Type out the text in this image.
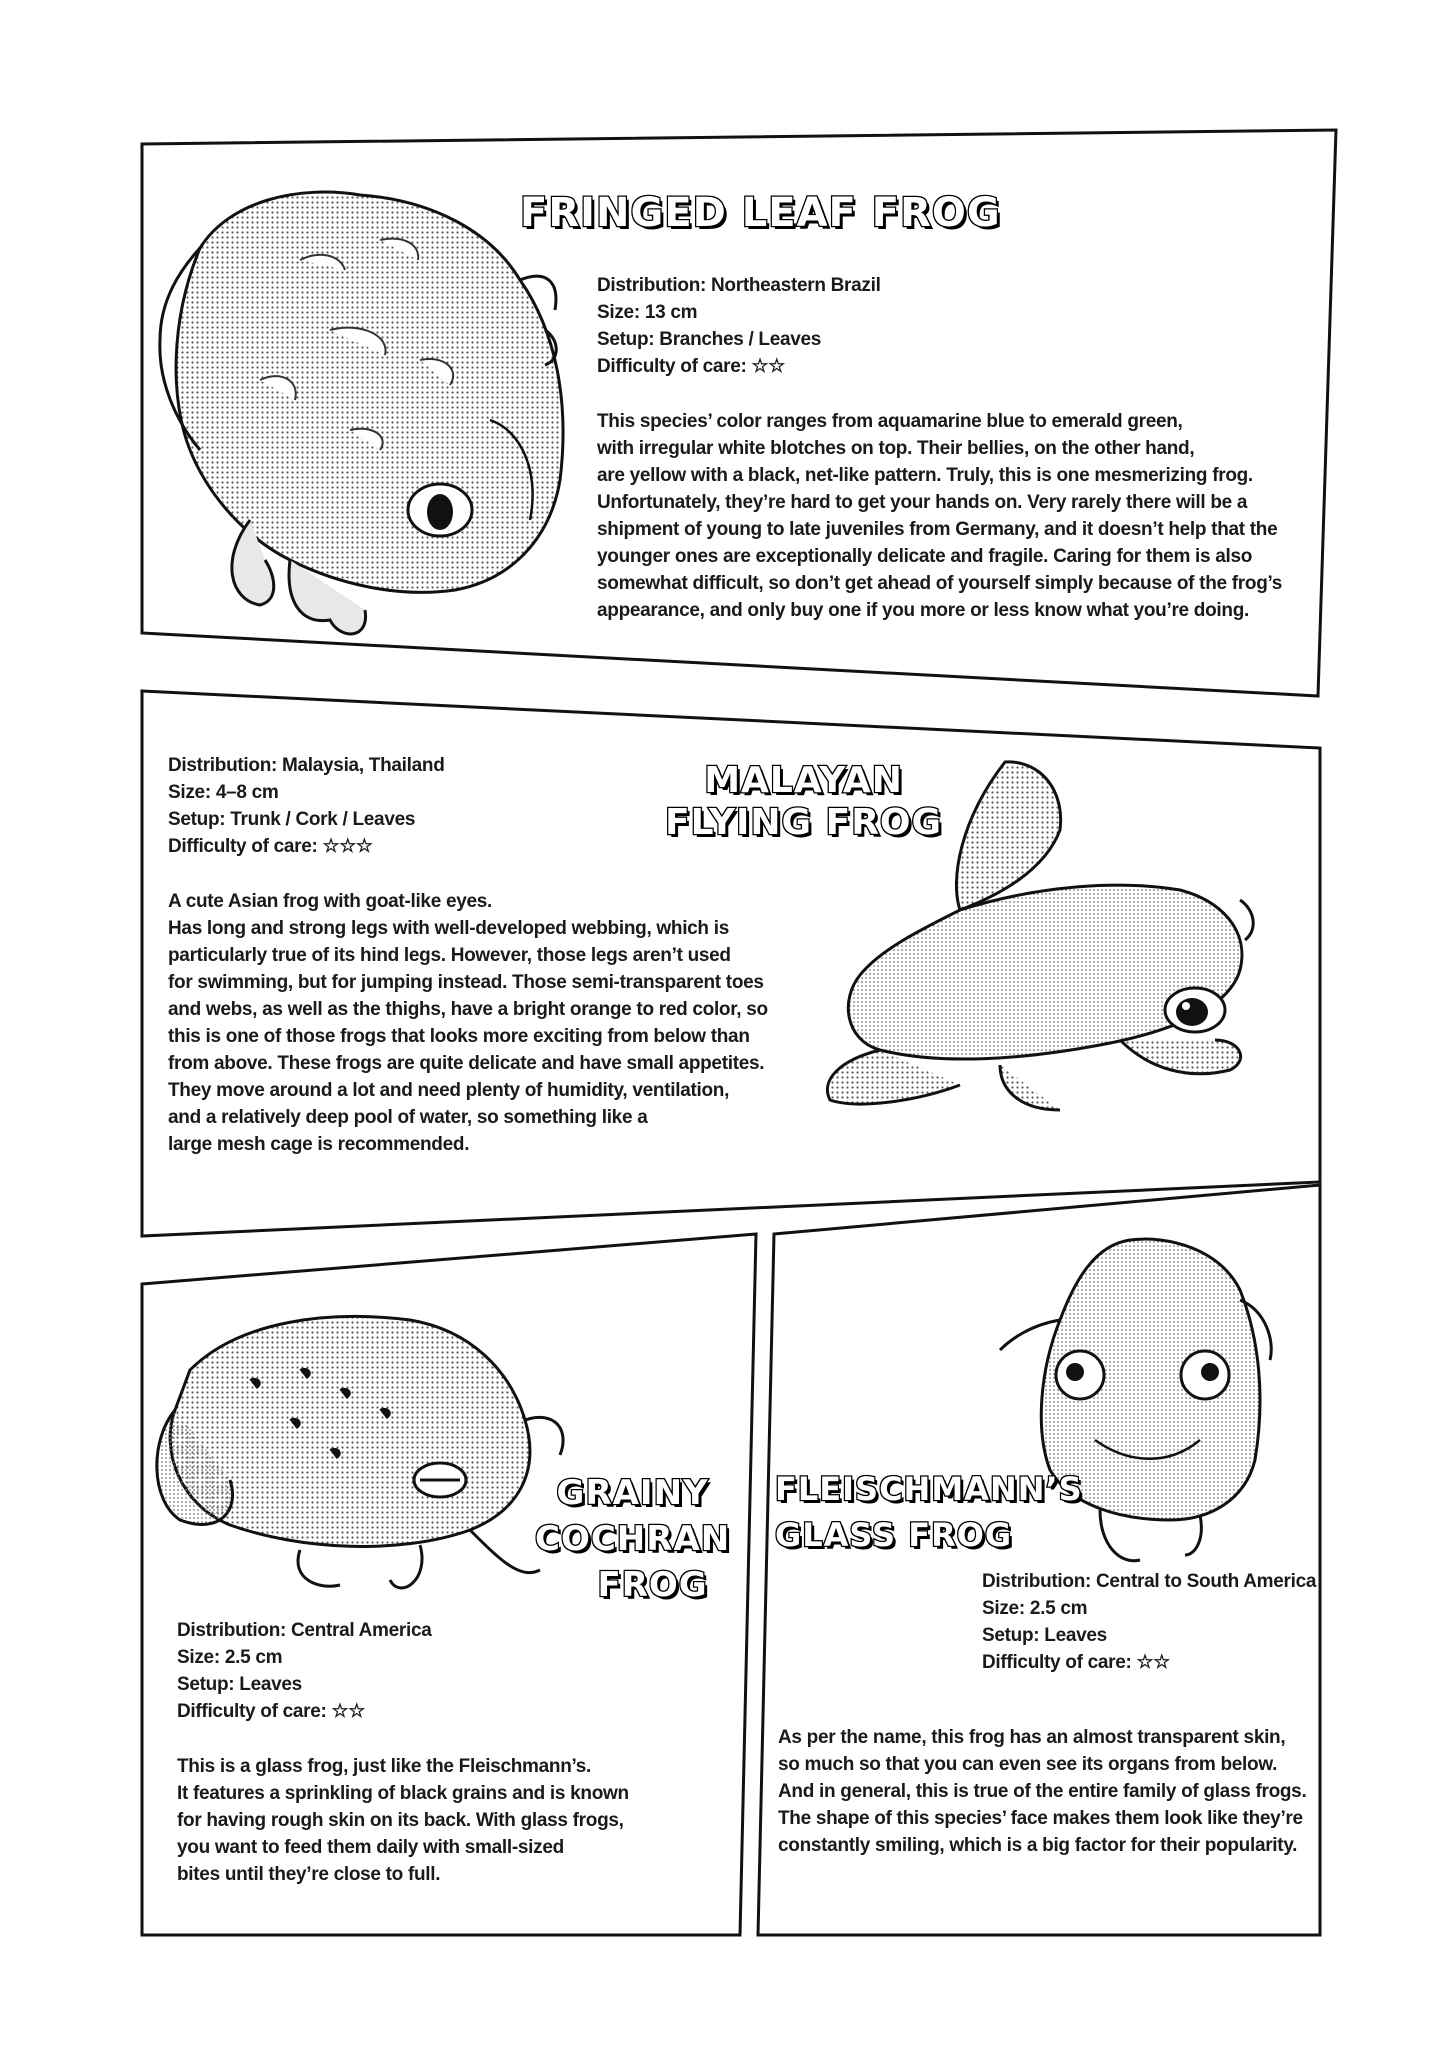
FRINGED LEAF FROG
Distribution: Northeastern Brazil
Size: 13 cm
Setup: Branches / Leaves
Difficulty of care: ☆☆
This species’ color ranges from aquamarine blue to emerald green,
with irregular white blotches on top. Their bellies, on the other hand,
are yellow with a black, net-like pattern. Truly, this is one mesmerizing frog.
Unfortunately, they’re hard to get your hands on. Very rarely there will be a
shipment of young to late juveniles from Germany, and it doesn’t help that the
younger ones are exceptionally delicate and fragile. Caring for them is also
somewhat difficult, so don’t get ahead of yourself simply because of the frog’s
appearance, and only buy one if you more or less know what you’re doing.
MALAYAN
FLYING FROG
Distribution: Malaysia, Thailand
Size: 4–8 cm
Setup: Trunk / Cork / Leaves
Difficulty of care: ☆☆☆
A cute Asian frog with goat-like eyes.
Has long and strong legs with well-developed webbing, which is
particularly true of its hind legs. However, those legs aren’t used
for swimming, but for jumping instead. Those semi-transparent toes
and webs, as well as the thighs, have a bright orange to red color, so
this is one of those frogs that looks more exciting from below than
from above. These frogs are quite delicate and have small appetites.
They move around a lot and need plenty of humidity, ventilation,
and a relatively deep pool of water, so something like a
large mesh cage is recommended.
GRAINY
COCHRAN
FROG
Distribution: Central America
Size: 2.5 cm
Setup: Leaves
Difficulty of care: ☆☆
This is a glass frog, just like the Fleischmann’s.
It features a sprinkling of black grains and is known
for having rough skin on its back. With glass frogs,
you want to feed them daily with small-sized
bites until they’re close to full.
FLEISCHMANN’S
GLASS FROG
Distribution: Central to South America
Size: 2.5 cm
Setup: Leaves
Difficulty of care: ☆☆
As per the name, this frog has an almost transparent skin,
so much so that you can even see its organs from below.
And in general, this is true of the entire family of glass frogs.
The shape of this species’ face makes them look like they’re
constantly smiling, which is a big factor for their popularity.
